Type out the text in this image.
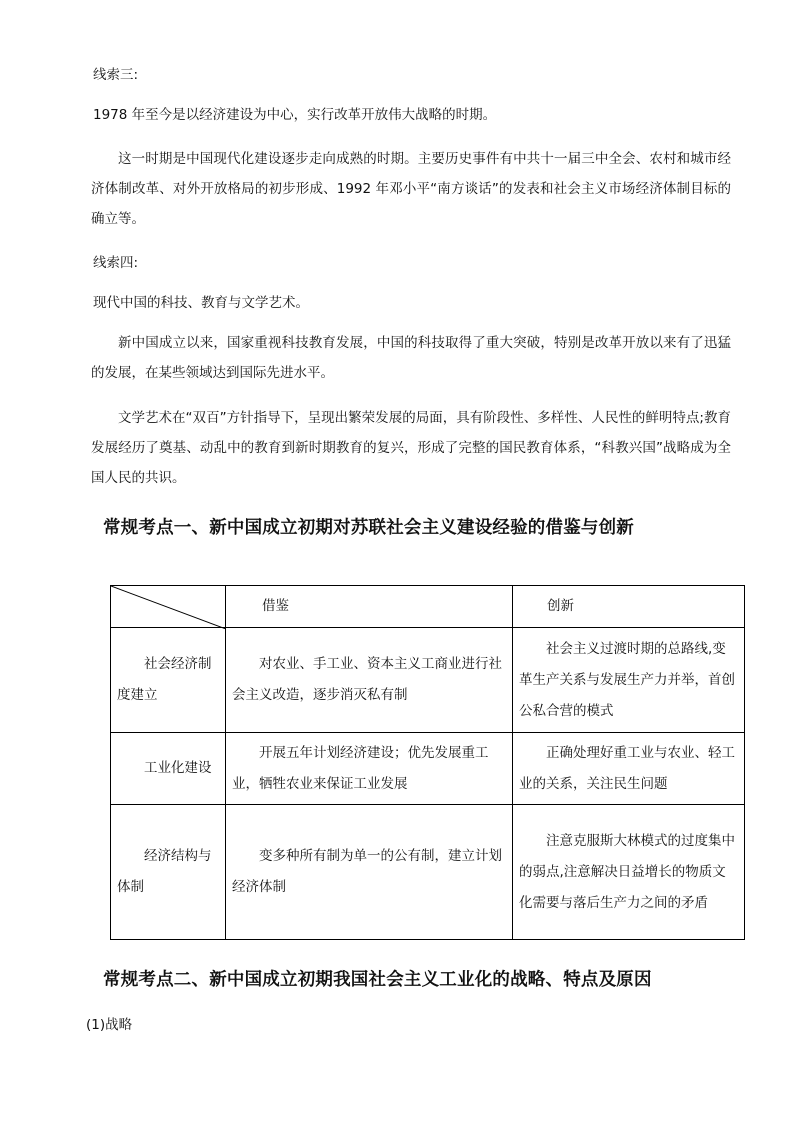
线索三:

1978 年至今是以经济建设为中心，实行改革开放伟大战略的时期。

这一时期是中国现代化建设逐步走向成熟的时期。主要历史事件有中共十一届三中全会、农村和城市经济体制改革、对外开放格局的初步形成、1992 年邓小平“南方谈话”的发表和社会主义市场经济体制目标的确立等。

线索四:

现代中国的科技、教育与文学艺术。

新中国成立以来，国家重视科技教育发展，中国的科技取得了重大突破，特别是改革开放以来有了迅猛的发展，在某些领域达到国际先进水平。

文学艺术在“双百”方针指导下，呈现出繁荣发展的局面，具有阶段性、多样性、人民性的鲜明特点;教育发展经历了奠基、动乱中的教育到新时期教育的复兴，形成了完整的国民教育体系，“科教兴国”战略成为全国人民的共识。

常规考点一、新中国成立初期对苏联社会主义建设经验的借鉴与创新
	借鉴	创新

社会经济制度建立	对农业、手工业、资本主义工商业进行社会主义改造，逐步消灭私有制	社会主义过渡时期的总路线,变革生产关系与发展生产力并举，首创公私合营的模式

工业化建设	开展五年计划经济建设；优先发展重工业，牺牲农业来保证工业发展	正确处理好重工业与农业、轻工业的关系，关注民生问题

经济结构与体制	变多种所有制为单一的公有制，建立计划经济体制	注意克服斯大林模式的过度集中的弱点,注意解决日益增长的物质文化需要与落后生产力之间的矛盾
常规考点二、新中国成立初期我国社会主义工业化的战略、特点及原因

(1)战略
